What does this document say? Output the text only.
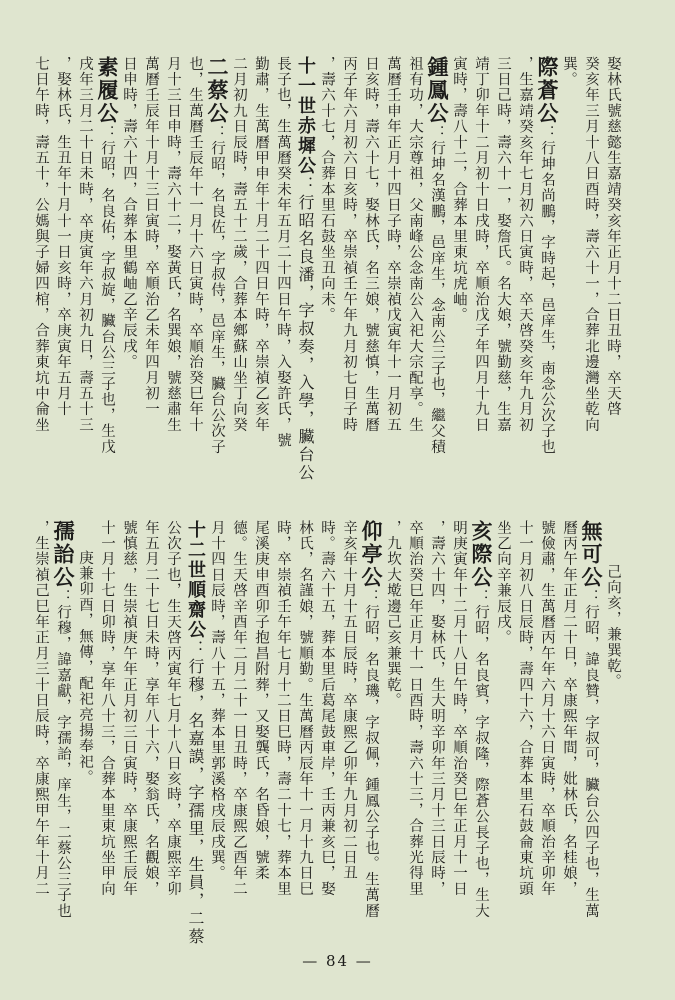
娶林氏號慈懿生嘉靖癸亥年正月十二日丑時，卒天啓
癸亥年三月十八日酉時，壽六十一，合葬北邊灣坐乾向
巽。
際蒼公：行坤名尚鵬，字時起，邑庠生，南念公次子也
，生嘉靖癸亥年七月初六日寅時，卒天啓癸亥年九月初
三日己時，壽六十一，娶詹氏。名大娘，號勤慈，生嘉
靖丁卯年十二月初十日戌時，卒順治戊子年四月十九日
寅時，壽八十二，合葬本里東坑虎岫。
鍾鳳公：行坤名漢鵬，邑庠生，念南公三子也，繼父積
祖有功，大宗尊祖，父南峰公念南公入祀大宗配享。生
萬曆壬申年正月十四日子時，卒崇禎戊寅年十一月初五
日亥時，壽六十七，娶林氏，名三娘，號慈慎，生萬曆
丙子年六月初六日亥時，卒崇禎壬午年九月初七日子時
，壽六十七，合葬本里石鼓坐丑向未。
十一世赤墀公：行昭名良潘，字叔奏，入學，臟台公
長子也，生萬曆癸未年五月二十四日午時，入娶許氏，號
勤肅，生萬曆甲申年十月二十四日午時，卒崇禎乙亥年
二月初九日辰時，壽五十二歲，合葬本鄉蘇山坐丁向癸
二蔡公：行昭，名良佐，字叔侍，邑庠生，臟台公次子
也，生萬曆壬辰年十一月十六日寅時，卒順治癸巳年十
月十三日申時，壽六十二，娶黃氏，名巽娘，號慈肅生
萬曆壬辰年十月十三日寅時，卒順治乙未年四月初一
日申時，壽六十四，合葬本里鶴岫乙辛辰戌。
素履公：行昭，名良佑，字叔旋，臟台公三子也，生戊
戌年三月二十日未時，卒庚寅年六月初九日，壽五十三
，娶林氏，生丑年十月十一日亥時，卒庚寅年五月十
七日午時，壽五十，公媽與子婦四棺，合葬東坑中侖坐
己向亥，兼巽乾。
無可公：行昭，諱良贊，字叔可，臟台公四子也，生萬
曆丙午年正月二十日，卒康熙年間，妣林氏，名桂娘，
號儉肅，生萬曆丙午年六月十六日寅時，卒順治辛卯年
十一月初八日辰時，壽四十六，合葬本里石鼓侖東坑頭
坐乙向辛兼辰戌。
亥際公：行昭，名良賓，字叔隆，際蒼公長子也，生大
明庚寅年十二月十八日午時，卒順治癸巳年正月十一日
，壽六十四，娶林氏，生大明辛卯年三月十三日辰時，
卒順治癸巳年正月十一日酉時，壽六十三，合葬光得里
，九坎大墘邊己亥兼巽乾。
仰亭公：行昭，名良璣，字叔佩，鍾鳳公子也。生萬曆
辛亥年十月十五日辰時，卒康熙乙卯年九月初二日丑
時。壽六十五，葬本里后葛尾鼓車岸，壬丙兼亥巳，娶
林氏，名謹娘，號順勤。生萬曆丙辰年十一月十九日巳
時，卒崇禎壬午年七月十二日巳時，壽二十七，葬本里
尾溪庚申酉卯子抱昌附葬，又娶龔氏，名昏娘，號柔
德。生天啓辛酉年二月二十一日丑時，卒康熙乙酉年二
月十四日辰時，壽八十五，葬本里郭溪格戌辰戌巽。
十二世順齋公：行穆，名嘉謨，字孺里，生員，二蔡
公次子也，生天啓丙寅年七月十八日亥時，卒康熙辛卯
年五月二十七日未時，享年八十六，娶翁氏，名觀娘，
號慎慈，生崇禎庚午年正月初三日寅時，卒康熙壬辰年
十一月十七日卯時，享年八十三，合葬本里東坑坐甲向
庚兼卯酉，無傳，配祀亮揚奉祀。
孺詒公：行穆，諱嘉獻，字孺詒，庠生，二蔡公三子也
，生崇禎己巳年正月三十日辰時，卒康熙甲午年十月二
— 84 —
